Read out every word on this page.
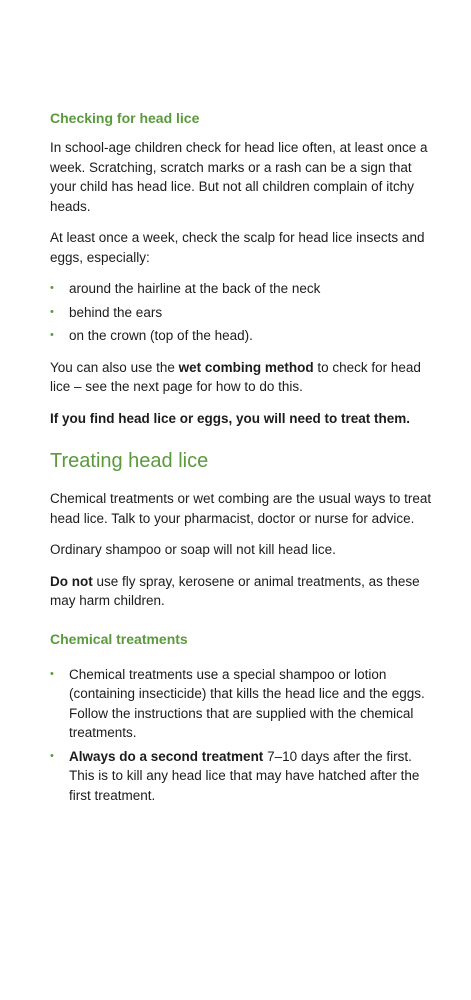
Checking for head lice

In school-age children check for head lice often, at least once a week. Scratching, scratch marks or a rash can be a sign that your child has head lice. But not all children complain of itchy heads.

At least once a week, check the scalp for head lice insects and eggs, especially:

• around the hairline at the back of the neck
• behind the ears
• on the crown (top of the head).

You can also use the wet combing method to check for head lice – see the next page for how to do this.

If you find head lice or eggs, you will need to treat them.

Treating head lice

Chemical treatments or wet combing are the usual ways to treat head lice. Talk to your pharmacist, doctor or nurse for advice.

Ordinary shampoo or soap will not kill head lice.

Do not use fly spray, kerosene or animal treatments, as these may harm children.

Chemical treatments
• Chemical treatments use a special shampoo or lotion (containing insecticide) that kills the head lice and the eggs. Follow the instructions that are supplied with the chemical treatments.
• Always do a second treatment 7–10 days after the first. This is to kill any head lice that may have hatched after the first treatment.
